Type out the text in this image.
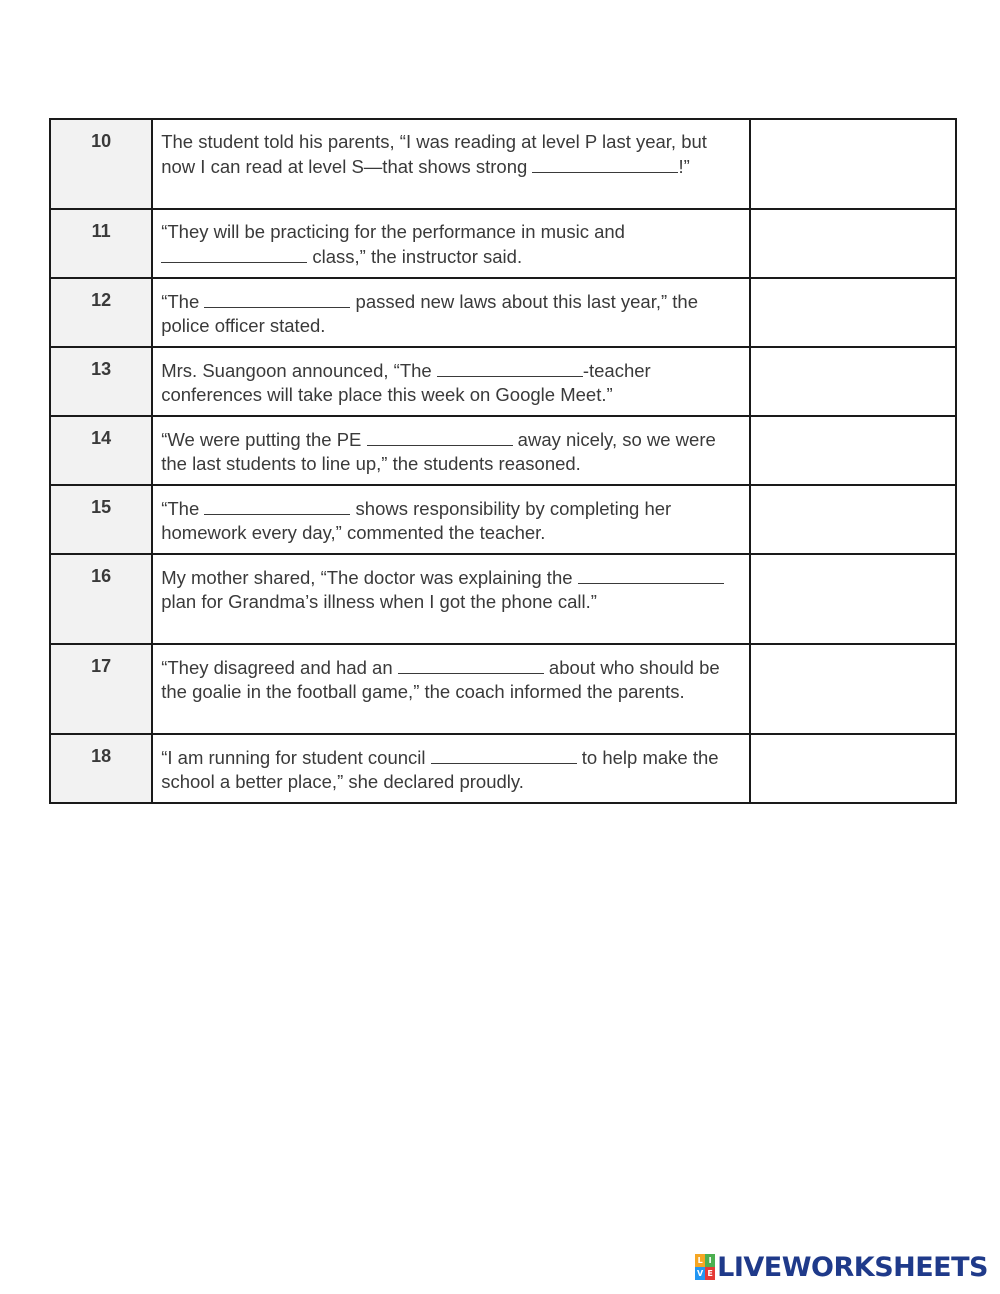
10	The student told his parents, “I was reading at level P last year, but now I can read at level S—that shows strong !”	
11	“They will be practicing for the performance in music and  class,” the instructor said.	
12	“The passed new laws about this last year,” the police officer stated.	
13	Mrs. Suangoon announced, “The -teacher conferences will take place this week on Google Meet.”	
14	“We were putting the PE away nicely, so we were the last students to line up,” the students reasoned.	
15	“The shows responsibility by completing her homework every day,” commented the teacher.	
16	My mother shared, “The doctor was explaining the  plan for Grandma’s illness when I got the phone call.”	
17	“They disagreed and had an about who should be the goalie in the football game,” the coach informed the parents.	
18	“I am running for student council to help make the school a better place,” she declared proudly.	
L I
V E LIVEWORKSHEETS
